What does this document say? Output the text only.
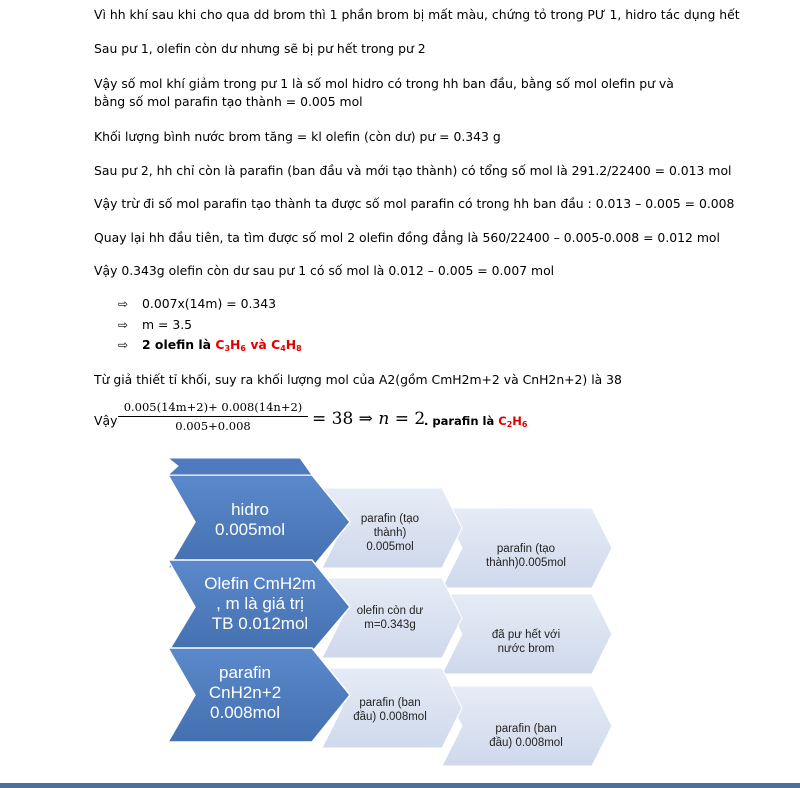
Vì hh khí sau khi cho qua dd brom thì 1 phần brom bị mất màu, chứng tỏ trong PƯ 1, hidro tác dụng hết
Sau pư 1, olefin còn dư nhưng sẽ bị pư hết trong pư 2
Vậy số mol khí giảm trong pư 1 là số mol hidro có trong hh ban đầu, bằng số mol olefin pư và bằng số mol parafin tạo thành = 0.005 mol
Khối lượng bình nước brom tăng = kl olefin (còn dư) pư = 0.343 g
Sau pư 2, hh chỉ còn là parafin (ban đầu và mới tạo thành) có tổng số mol là 291.2/22400 = 0.013 mol
Vậy trừ đi số mol parafin tạo thành ta được số mol parafin có trong hh ban đầu : 0.013 – 0.005 = 0.008
Quay lại hh đầu tiên, ta tìm được số mol 2 olefin đồng đẳng là 560/22400 – 0.005-0.008 = 0.012 mol
Vậy 0.343g olefin còn dư sau pư 1 có số mol là 0.012 – 0.005 = 0.007 mol
⇨ 0.007x(14m) = 0.343
⇨ m = 3.5
⇨ 2 olefin là $C_3H_6$ và $C_4H_8$
Từ giả thiết tỉ khối, suy ra khối lượng mol của A2(gồm CmH2m+2 và CnH2n+2) là 38
Vậy $\frac{0.005(14m+2)+ 0.008(14n+2)}{0.005+0.008} = 38$ ⇒ n = 2
. parafin là $C_2H_6$
hidro
0.005mol
parafin (tạo
thành)
0.005mol	parafin (tạo
thành)0.005mol
Olefin CmH2m
, m là giá trị
TB 0.012mol
olefin còn dư
m=0.343g
đã pư hết với
nước brom
parafin
CnH2n+2
0.008mol	parafin (ban
đầu) 0.008mol
parafin (ban
đầu) 0.008mol
